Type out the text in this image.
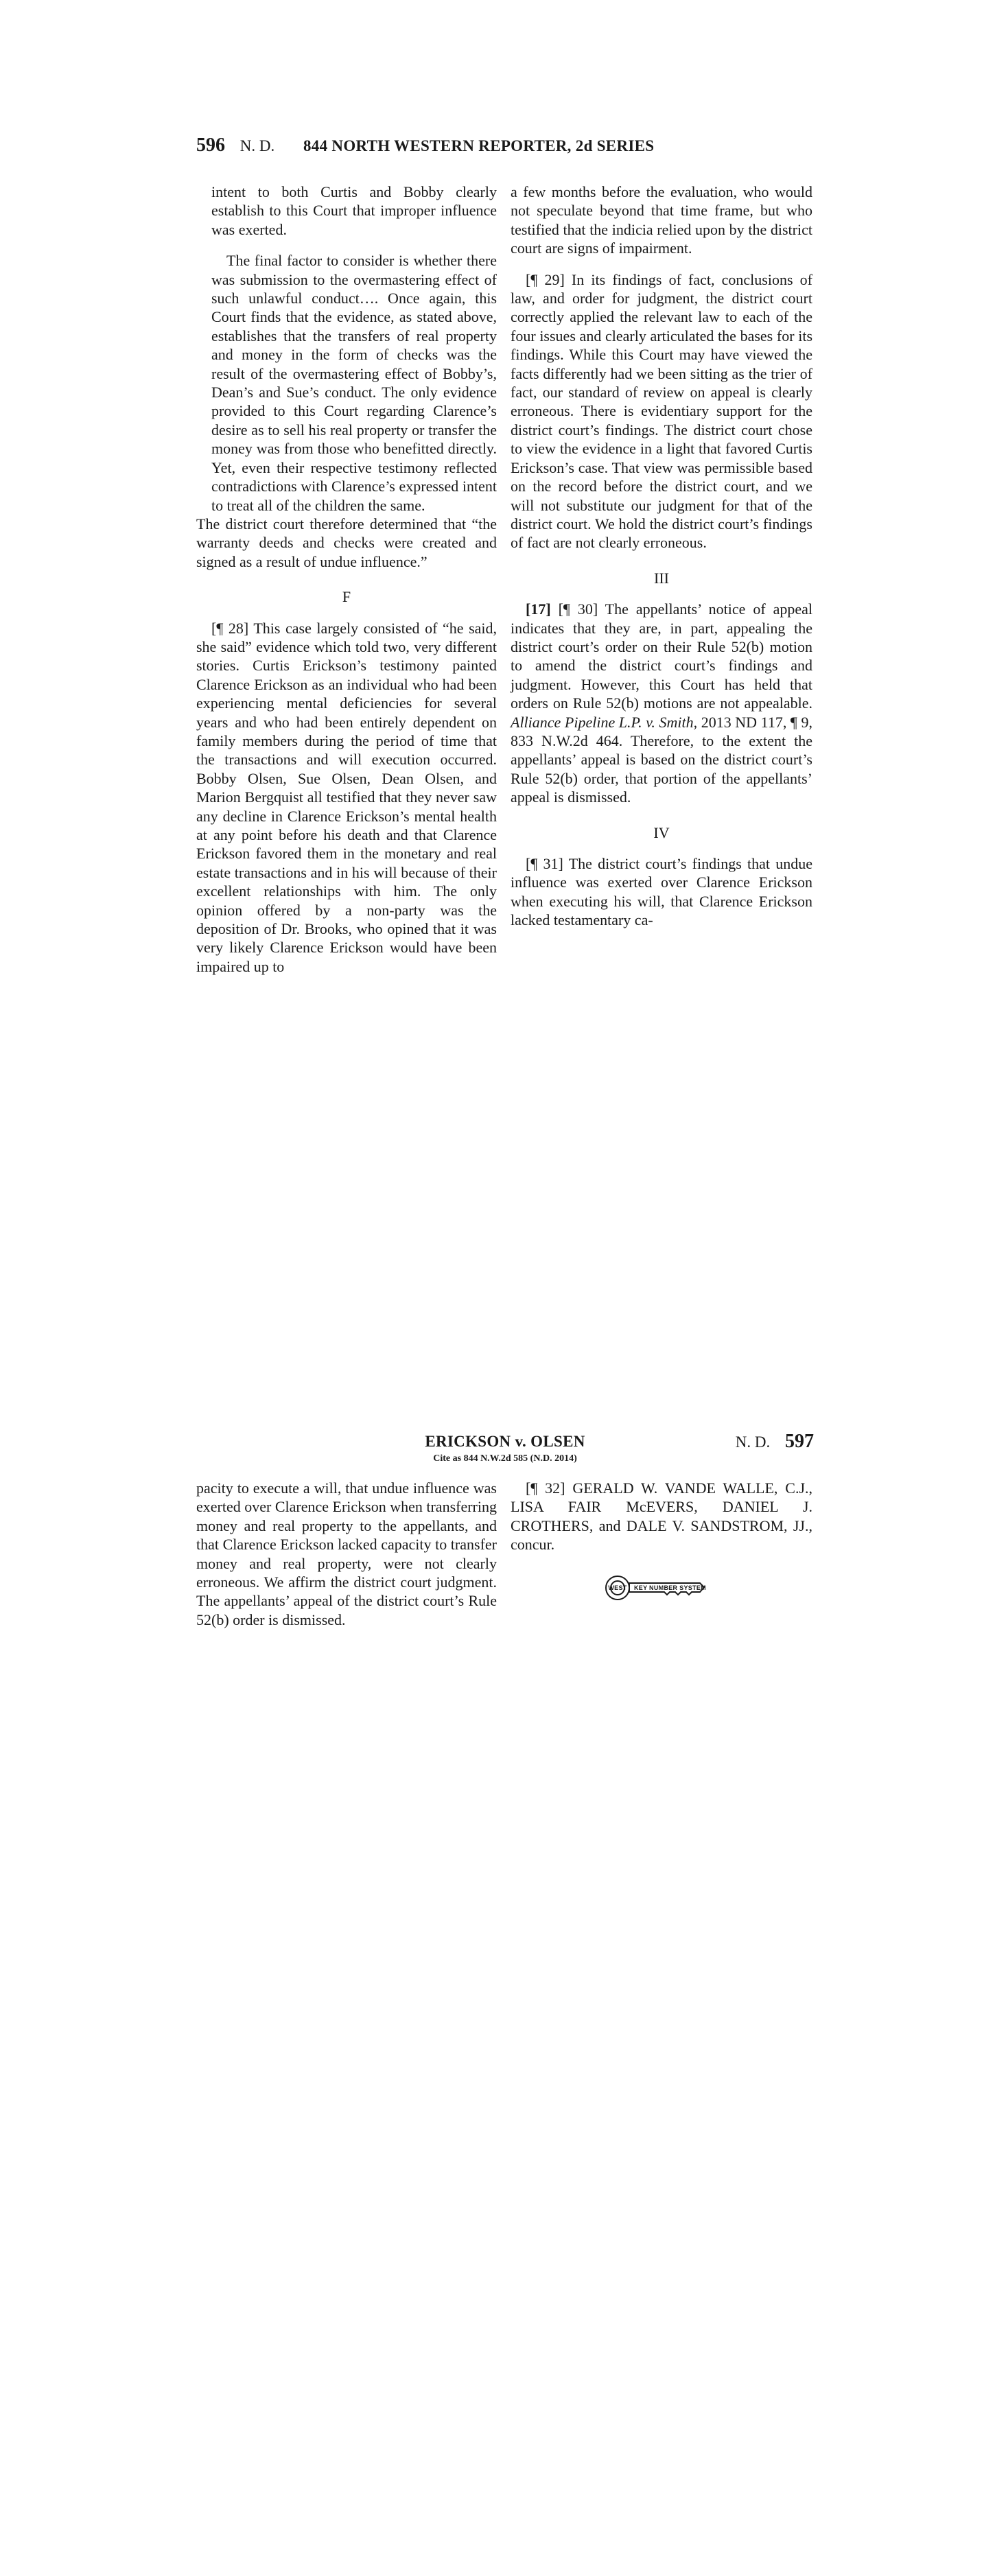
596 N. D. 844 NORTH WESTERN REPORTER, 2d SERIES

intent to both Curtis and Bobby clearly establish to this Court that improper influence was exerted.

The final factor to consider is whether there was submission to the overmastering effect of such unlawful conduct…. Once again, this Court finds that the evidence, as stated above, establishes that the transfers of real property and money in the form of checks was the result of the overmastering effect of Bobby’s, Dean’s and Sue’s conduct. The only evidence provided to this Court regarding Clarence’s desire as to sell his real property or transfer the money was from those who benefitted directly. Yet, even their respective testimony reflected contradictions with Clarence’s expressed intent to treat all of the children the same.

The district court therefore determined that “the warranty deeds and checks were created and signed as a result of undue influence.”

F

[¶ 28] This case largely consisted of “he said, she said” evidence which told two, very different stories. Curtis Erickson’s testimony painted Clarence Erickson as an individual who had been experiencing mental deficiencies for several years and who had been entirely dependent on family members during the period of time that the transactions and will execution occurred. Bobby Olsen, Sue Olsen, Dean Olsen, and Marion Bergquist all testified that they never saw any decline in Clarence Erickson’s mental health at any point before his death and that Clarence Erickson favored them in the monetary and real estate transactions and in his will because of their excellent relationships with him. The only opinion offered by a non-party was the deposition of Dr. Brooks, who opined that it was very likely Clarence Erickson would have been impaired up to

a few months before the evaluation, who would not speculate beyond that time frame, but who testified that the indicia relied upon by the district court are signs of impairment.

[¶ 29] In its findings of fact, conclusions of law, and order for judgment, the district court correctly applied the relevant law to each of the four issues and clearly articulated the bases for its findings. While this Court may have viewed the facts differently had we been sitting as the trier of fact, our standard of review on appeal is clearly erroneous. There is evidentiary support for the district court’s findings. The district court chose to view the evidence in a light that favored Curtis Erickson’s case. That view was permissible based on the record before the district court, and we will not substitute our judgment for that of the district court. We hold the district court’s findings of fact are not clearly erroneous.

III

[17] [¶ 30] The appellants’ notice of appeal indicates that they are, in part, appealing the district court’s order on their Rule 52(b) motion to amend the district court’s findings and judgment. However, this Court has held that orders on Rule 52(b) motions are not appealable. Alliance Pipeline L.P. v. Smith, 2013 ND 117, ¶ 9, 833 N.W.2d 464. Therefore, to the extent the appellants’ appeal is based on the district court’s Rule 52(b) order, that portion of the appellants’ appeal is dismissed.

IV

[¶ 31] The district court’s findings that undue influence was exerted over Clarence Erickson when executing his will, that Clarence Erickson lacked testamentary ca-

ERICKSON v. OLSEN
Cite as 844 N.W.2d 585 (N.D. 2014)
N. D. 597

pacity to execute a will, that undue influence was exerted over Clarence Erickson when transferring money and real property to the appellants, and that Clarence Erickson lacked capacity to transfer money and real property, were not clearly erroneous. We affirm the district court judgment. The appellants’ appeal of the district court’s Rule 52(b) order is dismissed.

[¶ 32] GERALD W. VANDE WALLE, C.J., LISA FAIR McEVERS, DANIEL J. CROTHERS, and DALE V. SANDSTROM, JJ., concur.

KEY NUMBER SYSTEM
WEST
